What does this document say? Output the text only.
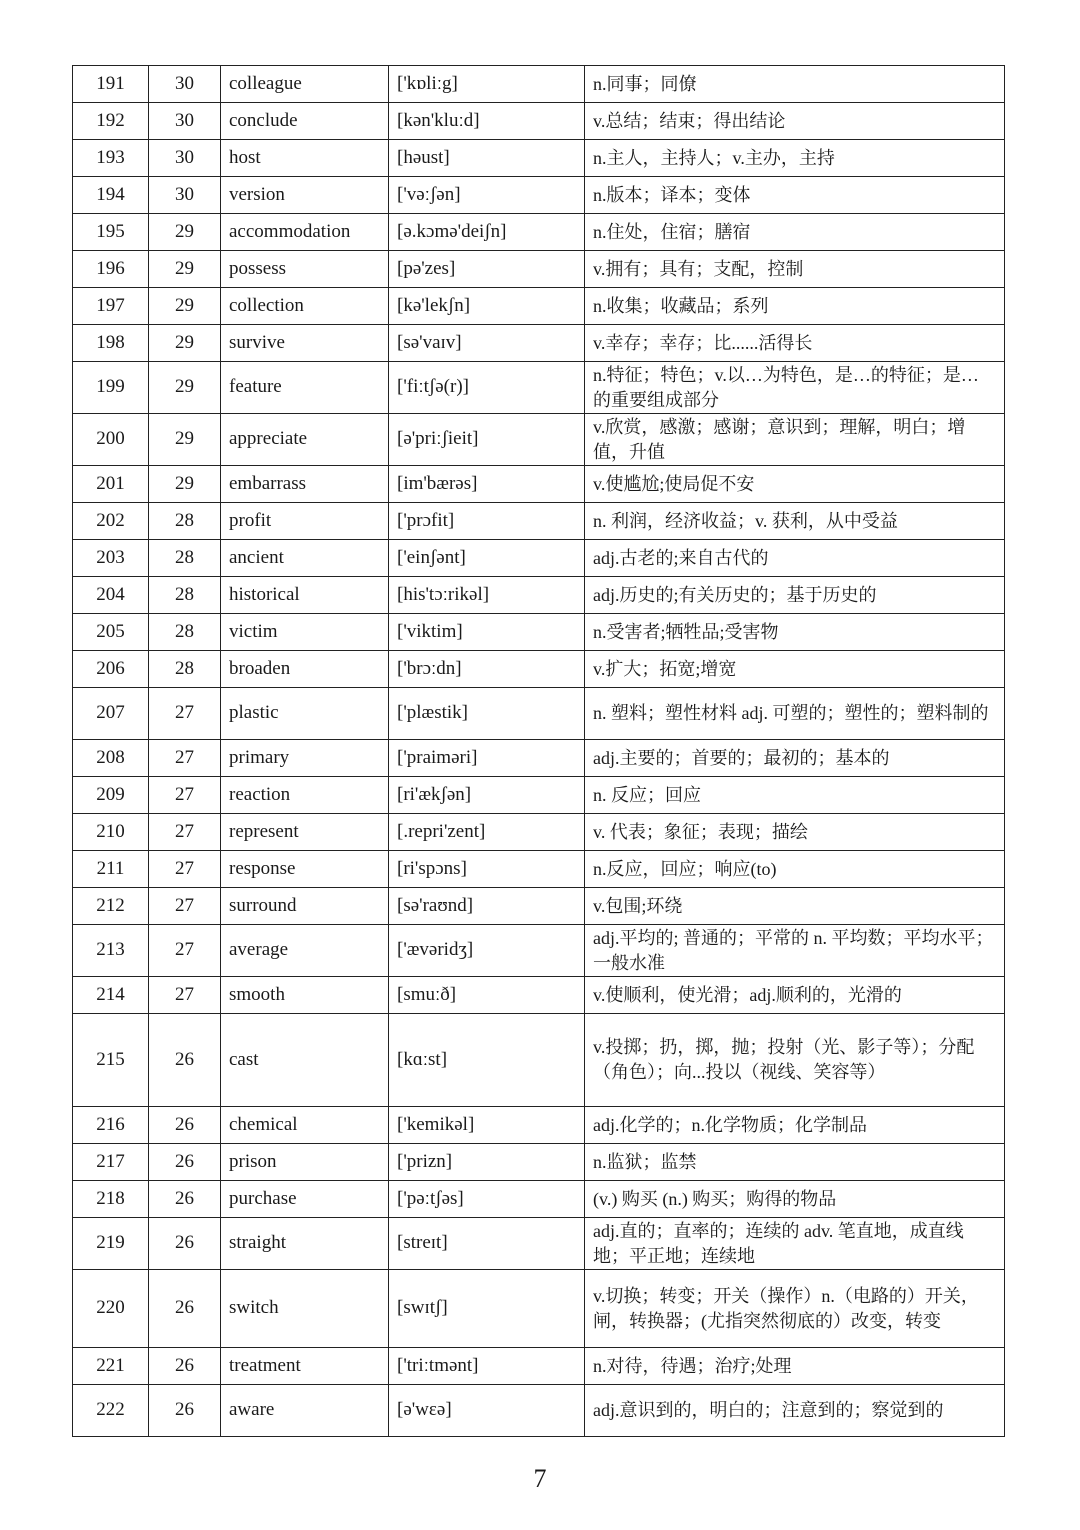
191	30	colleague	['kɒliːg]	n.同事；同僚
192	30	conclude	[kən'kluːd]	v.总结；结束；得出结论
193	30	host	[həust]	n.主人，主持人；v.主办，主持
194	30	version	['vəːʃən]	n.版本；译本；变体
195	29	accommodation	[ə.kɔmə'deiʃn]	n.住处，住宿；膳宿
196	29	possess	[pə'zes]	v.拥有；具有；支配，控制
197	29	collection	[kə'lekʃn]	n.收集；收藏品；系列
198	29	survive	[sə'vaɪv]	v.幸存；幸存；比......活得长
199	29	feature	['fiːtʃə(r)]	n.特征；特色；v.以…为特色，是…的特征；是…的重要组成部分
200	29	appreciate	[ə'priːʃieit]	v.欣赏，感激；感谢；意识到；理解，明白；增值，升值
201	29	embarrass	[im'bærəs]	v.使尴尬;使局促不安
202	28	profit	['prɔfit]	n. 利润，经济收益；v. 获利，从中受益
203	28	ancient	['einʃənt]	adj.古老的;来自古代的
204	28	historical	[his'tɔːrikəl]	adj.历史的;有关历史的；基于历史的
205	28	victim	['viktim]	n.受害者;牺牲品;受害物
206	28	broaden	['brɔːdn]	v.扩大；拓宽;增宽
207	27	plastic	['plæstik]	n. 塑料；塑性材料 adj. 可塑的；塑性的；塑料制的
208	27	primary	['praiməri]	adj.主要的；首要的；最初的；基本的
209	27	reaction	[ri'ækʃən]	n. 反应；回应
210	27	represent	[.repri'zent]	v. 代表；象征；表现；描绘
211	27	response	[ri'spɔns]	n.反应，回应；响应(to)
212	27	surround	[sə'raʊnd]	v.包围;环绕
213	27	average	['ævəridʒ]	adj.平均的; 普通的；平常的 n. 平均数；平均水平；一般水准
214	27	smooth	[smuːð]	v.使顺利，使光滑；adj.顺利的，光滑的
215	26	cast	[kɑːst]	v.投掷；扔，掷，抛；投射（光、影子等）；分配（角色）；向...投以（视线、笑容等）
216	26	chemical	['kemikəl]	adj.化学的；n.化学物质；化学制品
217	26	prison	['prizn]	n.监狱；监禁
218	26	purchase	['pəːtʃəs]	(v.) 购买 (n.) 购买；购得的物品
219	26	straight	[streɪt]	adj.直的；直率的；连续的 adv. 笔直地，成直线地；平正地；连续地
220	26	switch	[swɪtʃ]	v.切换；转变；开关（操作）n.（电路的）开关，闸，转换器；(尤指突然彻底的）改变，转变
221	26	treatment	['triːtmənt]	n.对待，待遇；治疗;处理
222	26	aware	[ə'wεə]	adj.意识到的，明白的；注意到的；察觉到的
7
